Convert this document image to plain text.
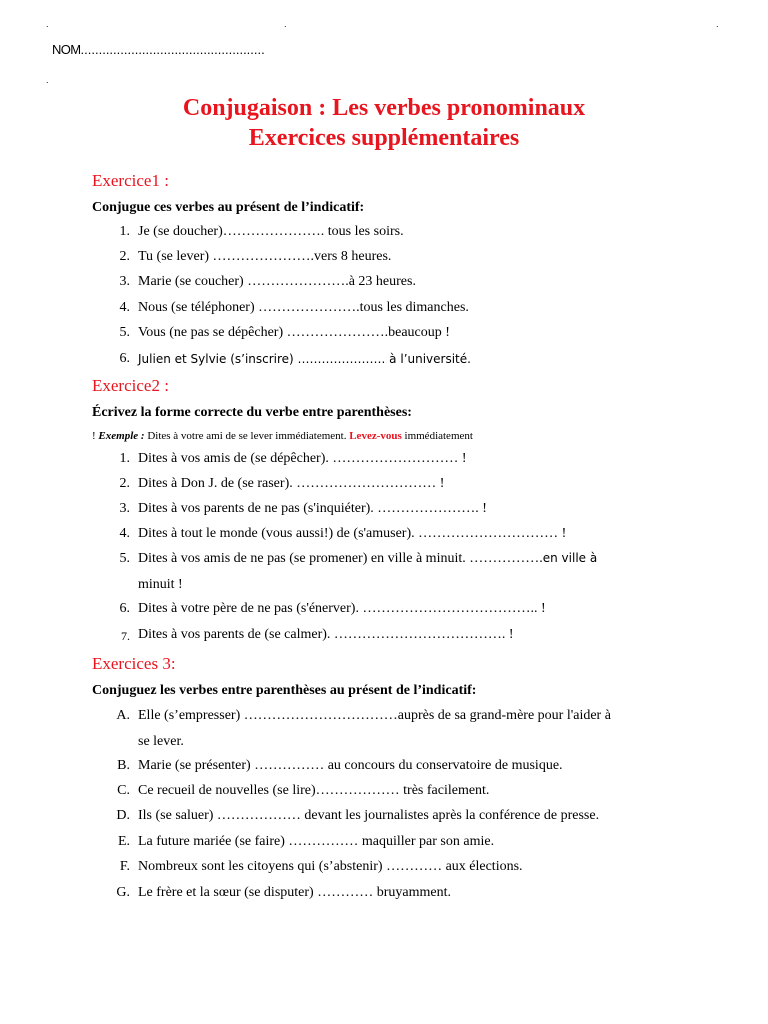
.	.	.
.
NOM...................................................
Conjugaison : Les verbes pronominaux
Exercices supplémentaires
Exercice1 :
Conjugue ces verbes au présent de l’indicatif:
1. Je (se doucher)…………………. tous les soirs.
2. Tu (se lever) ………………….vers 8 heures.
3. Marie (se coucher) ………………….à 23 heures.
4. Nous (se téléphoner) ………………….tous les dimanches.
5. Vous (ne pas se dépêcher) ………………….beaucoup !
6. Julien et Sylvie (s’inscrire) …………………. à l’université.
Exercice2 :
Écrivez la forme correcte du verbe entre parenthèses:
! Exemple : Dites à votre ami de se lever immédiatement. Levez-vous immédiatement
1. Dites à vos amis de (se dépêcher). ……………………… !
2. Dites à Don J. de (se raser). ………………………… !
3. Dites à vos parents de ne pas (s'inquiéter). …………………. !
4. Dites à tout le monde (vous aussi!) de (s'amuser). ………………………… !
5. Dites à vos amis de ne pas (se promener) en ville à minuit. …………….en ville à
minuit !
6. Dites à votre père de ne pas (s'énerver). ……………………………….. !
7. Dites à vos parents de (se calmer). ………………………………. !
Exercices 3:
Conjuguez les verbes entre parenthèses au présent de l’indicatif:
A. Elle (s’empresser) ……………………………auprès de sa grand-mère pour l'aider à
se lever.
B. Marie (se présenter) …………… au concours du conservatoire de musique.
C. Ce recueil de nouvelles (se lire)……………… très facilement.
D. Ils (se saluer) ……………… devant les journalistes après la conférence de presse.
E. La future mariée (se faire) …………… maquiller par son amie.
F. Nombreux sont les citoyens qui (s’abstenir) ………… aux élections.
G. Le frère et la sœur (se disputer) ………… bruyamment.
